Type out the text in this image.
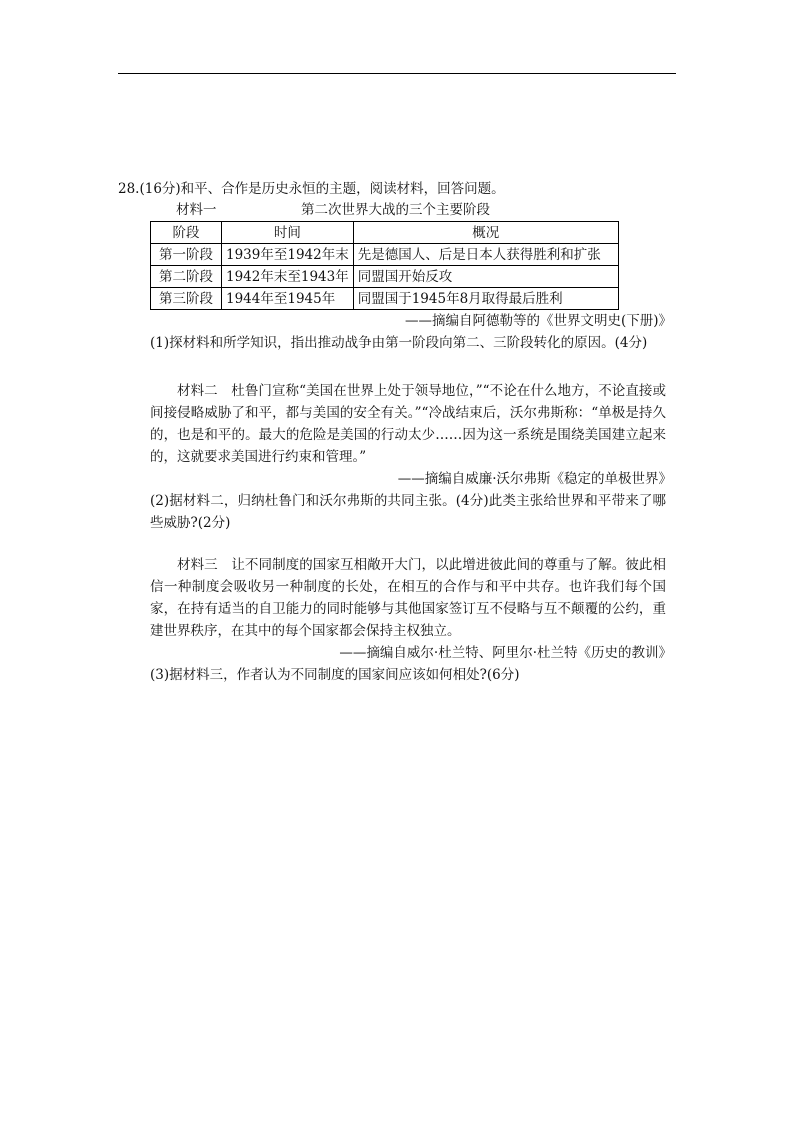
28.(16分)和平、合作是历史永恒的主题，阅读材料，回答问题。
材料一	第二次世界大战的三个主要阶段
阶段	时间	概况
第一阶段	1939年至1942年末	先是德国人、后是日本人获得胜利和扩张
第二阶段	1942年末至1943年	同盟国开始反攻
第三阶段	1944年至1945年	同盟国于1945年8月取得最后胜利
——摘编自阿德勒等的《世界文明史(下册)》
(1)探材料和所学知识，指出推动战争由第一阶段向第二、三阶段转化的原因。(4分)
材料二　杜鲁门宣称“美国在世界上处于领导地位，”“不论在什么地方，不论直接或间接侵略威胁了和平，都与美国的安全有关。”“冷战结束后，沃尔弗斯称：“单极是持久的，也是和平的。最大的危险是美国的行动太少……因为这一系统是围绕美国建立起来的，这就要求美国进行约束和管理。”
——摘编自威廉·沃尔弗斯《稳定的单极世界》
(2)据材料二，归纳杜鲁门和沃尔弗斯的共同主张。(4分)此类主张给世界和平带来了哪些威胁?(2分)
材料三　让不同制度的国家互相敞开大门，以此增进彼此间的尊重与了解。彼此相信一种制度会吸收另一种制度的长处，在相互的合作与和平中共存。也许我们每个国家，在持有适当的自卫能力的同时能够与其他国家签订互不侵略与互不颠覆的公约，重建世界秩序，在其中的每个国家都会保持主权独立。
——摘编自威尔·杜兰特、阿里尔·杜兰特《历史的教训》
(3)据材料三，作者认为不同制度的国家间应该如何相处?(6分)
